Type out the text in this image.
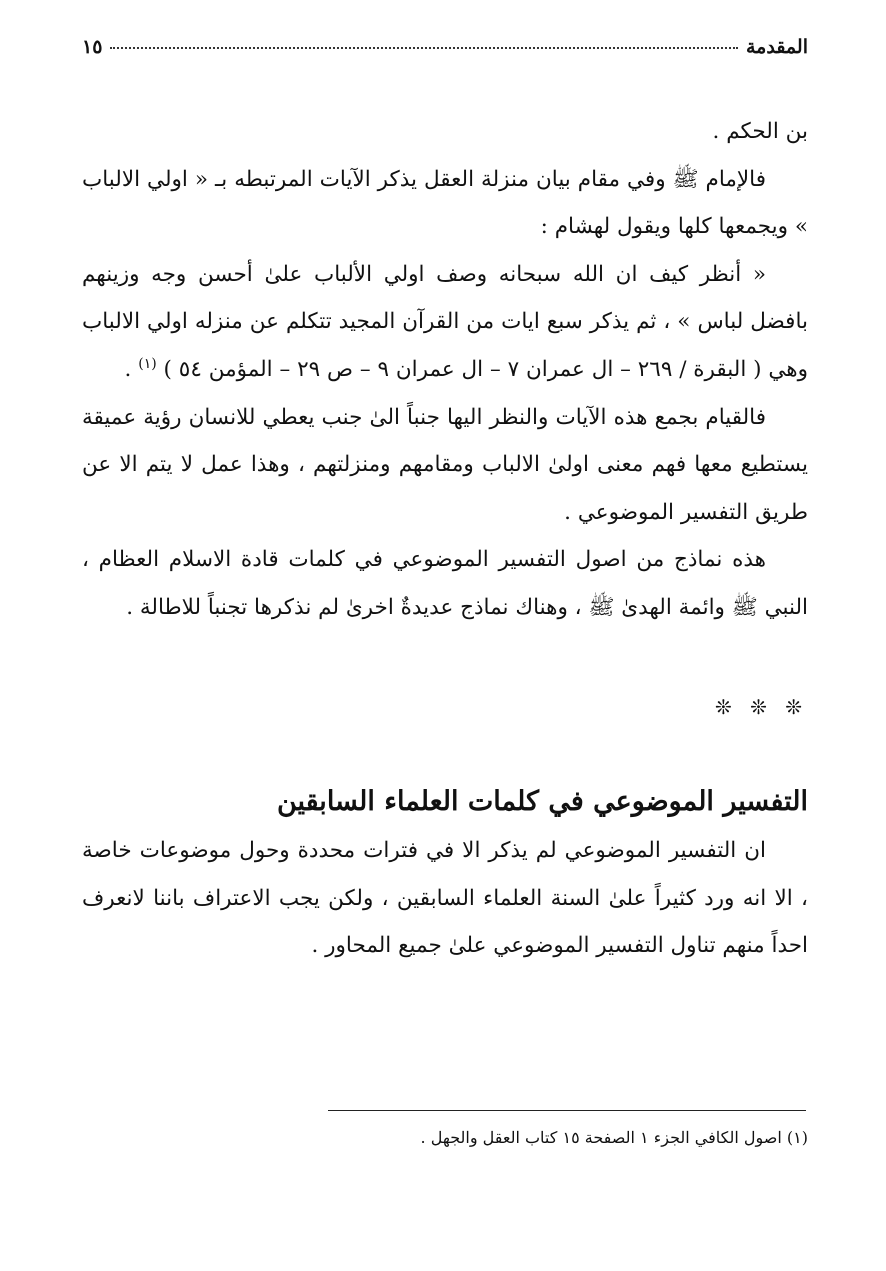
المقدمة
١٥

بن الحكم .

فالإمام ﷺ وفي مقام بيان منزلة العقل يذكر الآيات المرتبطه بـ « اولي الالباب » ويجمعها كلها ويقول لهشام :

« أنظر كيف ان الله سبحانه وصف اولي الألباب علىٰ أحسن وجه وزينهم بافضل لباس » ، ثم يذكر سبع ايات من القرآن المجيد تتكلم عن منزله اولي الالباب وهي ( البقرة / ٢٦٩ – ال عمران ٧ – ال عمران ٩ – ص ٢٩ – المؤمن ٥٤ ) $^{(١)}$ .

فالقيام بجمع هذه الآيات والنظر اليها جنباً الىٰ جنب يعطي للانسان رؤية عميقة يستطيع معها فهم معنى اولىٰ الالباب ومقامهم ومنزلتهم ، وهذا عمل لا يتم الا عن طريق التفسير الموضوعي .

هذه نماذج من اصول التفسير الموضوعي في كلمات قادة الاسلام العظام ، النبي ﷺ وائمة الهدىٰ ﷺ ، وهناك نماذج عديدةٌ اخرىٰ لم نذكرها تجنباً للاطالة .

❊ ❊ ❊

التفسير الموضوعي في كلمات العلماء السابقين

ان التفسير الموضوعي لم يذكر الا في فترات محددة وحول موضوعات خاصة ، الا انه ورد كثيراً علىٰ السنة العلماء السابقين ، ولكن يجب الاعتراف باننا لانعرف احداً منهم تناول التفسير الموضوعي علىٰ جميع المحاور .

(١) اصول الكافي الجزء ١ الصفحة ١٥ كتاب العقل والجهل .
